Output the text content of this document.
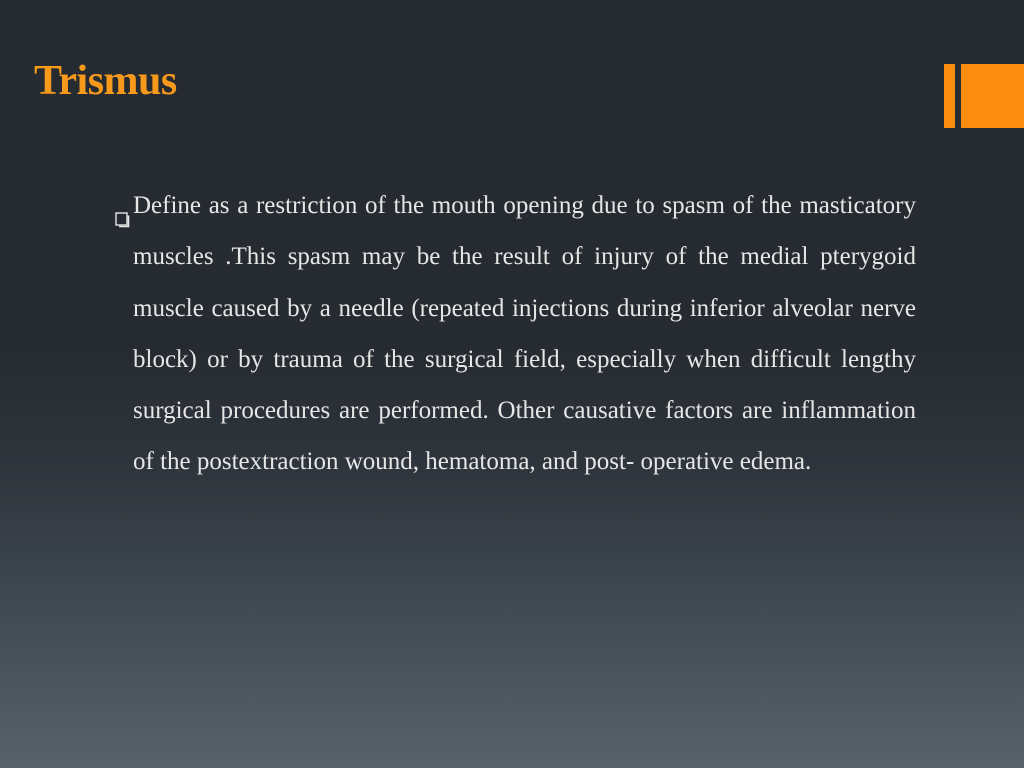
Trismus
Define as a restriction of the mouth opening due to spasm of the masticatory muscles .This spasm may be the result of injury of the medial pterygoid muscle caused by a needle (repeated injections during inferior alveolar nerve block) or by trauma of the surgical field, especially when difficult lengthy surgical procedures are performed. Other causative factors are inflammation of the postextraction wound, hematoma, and post- operative edema.
